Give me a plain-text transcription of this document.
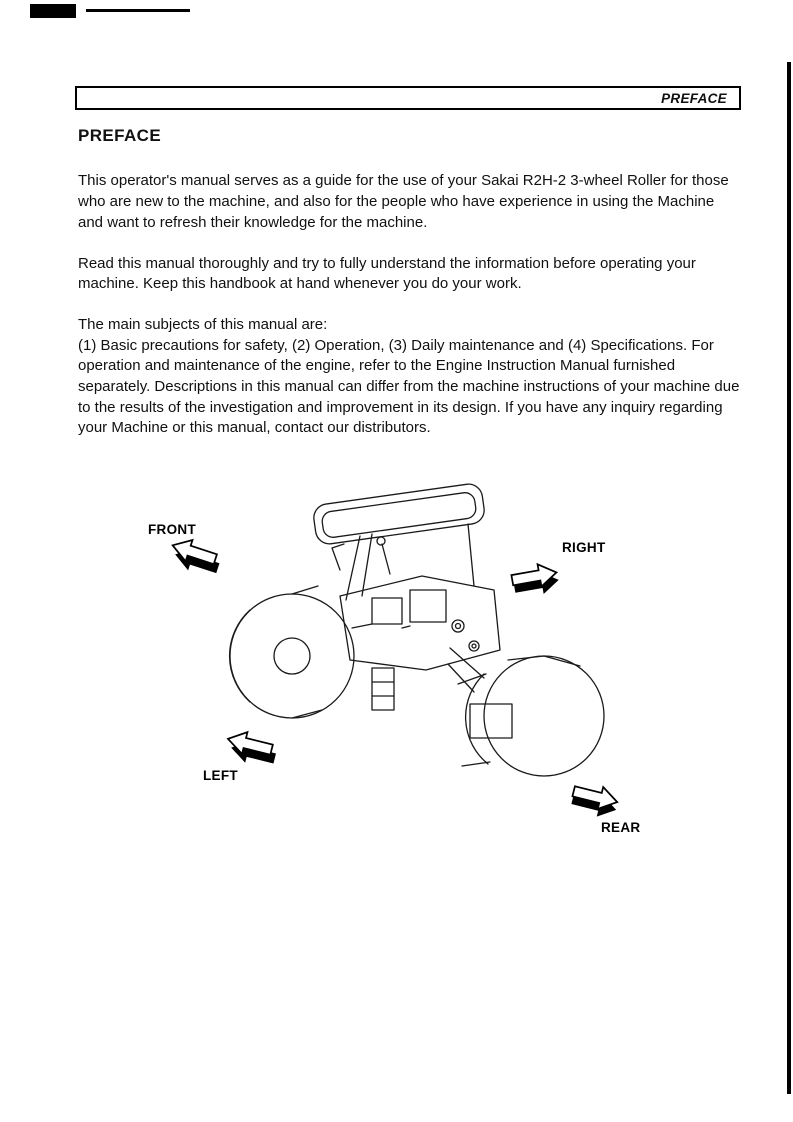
PREFACE
PREFACE

This operator's manual serves as a guide for the use of your Sakai R2H-2 3-wheel Roller for those who are new to the machine, and also for the people who have experience in using the Machine and want to refresh their knowledge for the machine.

Read this manual thoroughly and try to fully understand the information before operating your machine. Keep this handbook at hand whenever you do your work.

The main subjects of this manual are:

(1) Basic precautions for safety, (2) Operation, (3) Daily maintenance and (4) Specifications. For operation and maintenance of the engine, refer to the Engine Instruction Manual furnished separately. Descriptions in this manual can differ from the machine instructions of your machine due to the results of the investigation and improvement in its design. If you have any inquiry regarding your Machine or this manual, contact our distributors.

FRONT
RIGHT
LEFT
REAR
